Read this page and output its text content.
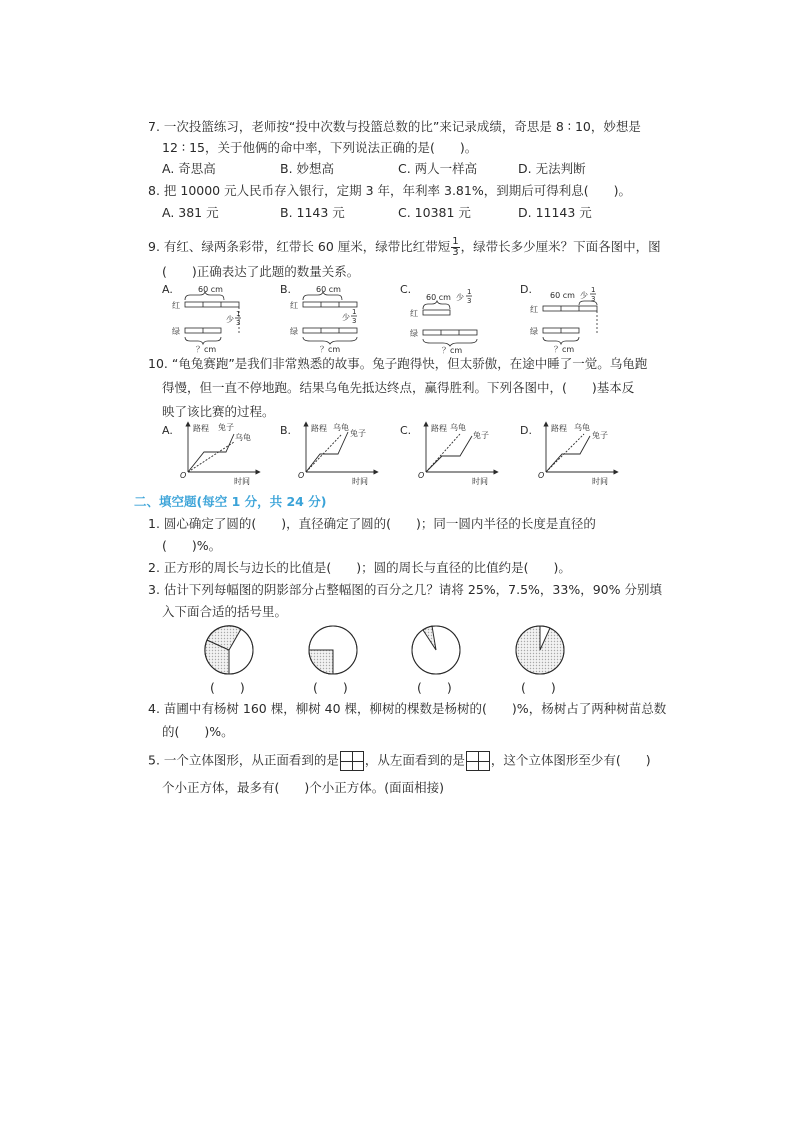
7. 一次投篮练习，老师按“投中次数与投篮总数的比”来记录成绩，奇思是 8 ∶ 10，妙想是
12 ∶ 15，关于他俩的命中率，下列说法正确的是(　　)。
A. 奇思高	B. 妙想高	C. 两人一样高	D. 无法判断
8. 把 10000 元人民币存入银行，定期 3 年，年利率 3.81%，到期后可得利息(　　)。
A. 381 元	B. 1143 元	C. 10381 元	D. 11143 元
9. 有红、绿两条彩带，红带长 60 厘米，绿带比红带短 $\frac{1}{3}$ ，绿带长多少厘米？下面各图中，图
(　　)正确表达了此题的数量关系。
A.	60 cm
红
少
1
3
绿
？cm
B.	60 cm
红
少
1
3
绿
？cm
C.
60 cm 少
1
3
红
绿
？cm
D. 60 cm 少
1
3
红
绿
？cm
10. “龟兔赛跑”是我们非常熟悉的故事。兔子跑得快，但太骄傲，在途中睡了一觉。乌龟跑
得慢，但一直不停地跑。结果乌龟先抵达终点，赢得胜利。下列各图中，(　　)基本反
映了该比赛的过程。
A.	路程
时间
O
兔子
乌龟
B. 路程
时间
O
乌龟
兔子	C. 路程
时间
O
乌龟
兔子	D. 路程
时间
O
乌龟
兔子
二、填空题(每空 1 分，共 24 分)
1. 圆心确定了圆的(　　)，直径确定了圆的(　　)；同一圆内半径的长度是直径的
(　　)%。
2. 正方形的周长与边长的比值是(　　)；圆的周长与直径的比值约是(　　)。
3. 估计下列每幅图的阴影部分占整幅图的百分之几？请将 25%，7.5%，33%，90% 分别填
入下面合适的括号里。
(　　)	(　　)	(　　)	(　　)
4. 苗圃中有杨树 160 棵，柳树 40 棵，柳树的棵数是杨树的(　　)%，杨树占了两种树苗总数
的(　　)%。
5. 一个立体图形，从正面看到的是 ，从左面看到的是 ，这个立体图形至少有(　　)
个小正方体，最多有(　　)个小正方体。(面面相接)
